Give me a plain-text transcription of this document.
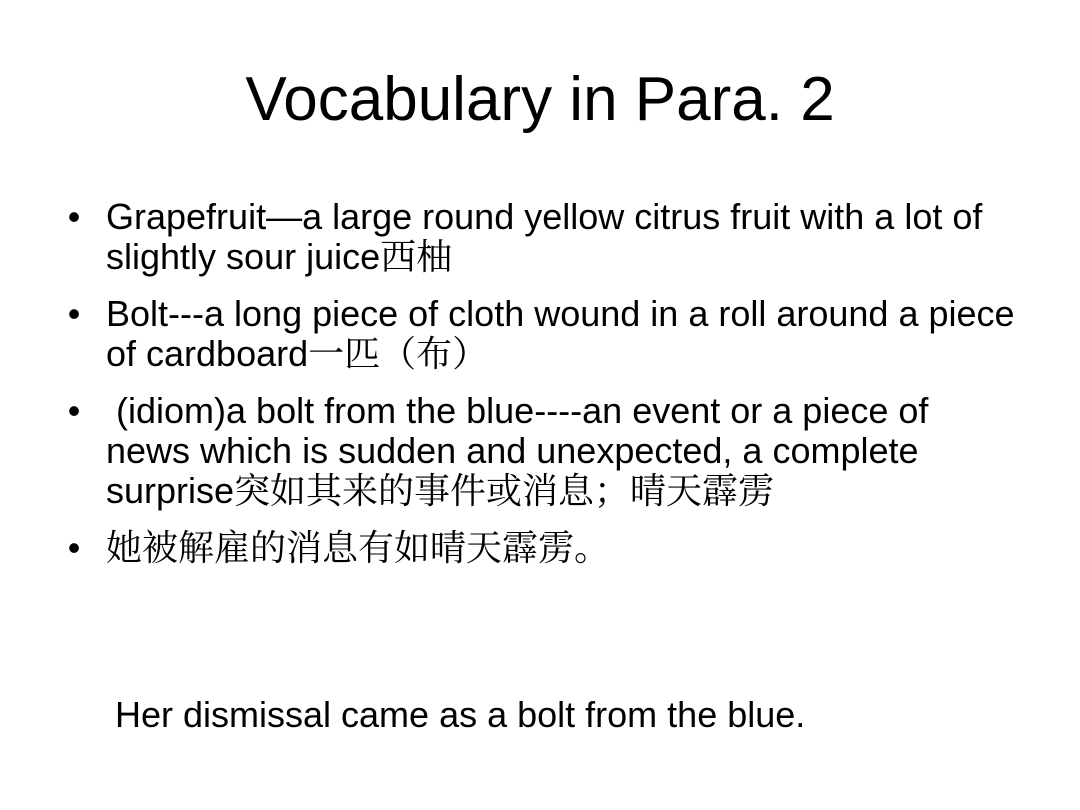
Vocabulary in Para. 2
• Grapefruit—a large round yellow citrus fruit with a lot of slightly sour juice西柚
• Bolt---a long piece of cloth wound in a roll around a piece of cardboard一匹（布）
• (idiom)a bolt from the blue----an event or a piece of news which is sudden and unexpected, a complete surprise突如其来的事件或消息；晴天霹雳
• 她被解雇的消息有如晴天霹雳。
Her dismissal came as a bolt from the blue.
